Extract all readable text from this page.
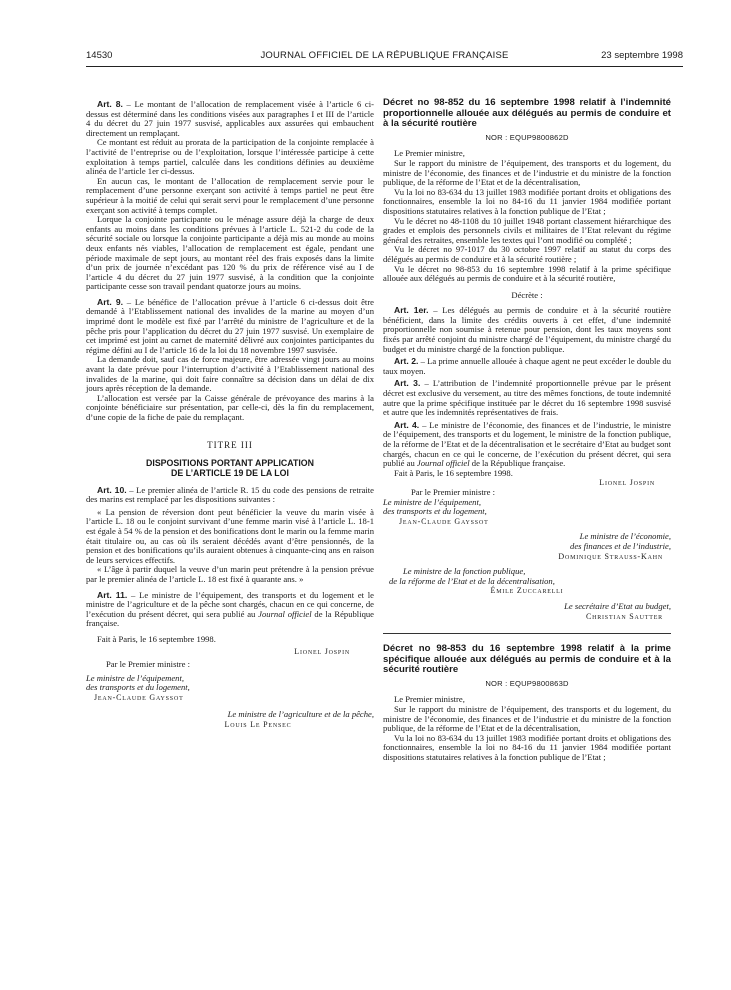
14530	JOURNAL OFFICIEL DE LA RÉPUBLIQUE FRANÇAISE	23 septembre 1998

Art. 8. – Le montant de l’allocation de remplacement visée à l’article 6 ci-dessus est déterminé dans les conditions visées aux paragraphes I et III de l’article 4 du décret du 27 juin 1977 susvisé, applicables aux assurées qui embauchent directement un remplaçant.

Ce montant est réduit au prorata de la participation de la conjointe remplacée à l’activité de l’entreprise ou de l’exploitation, lorsque l’intéressée participe à cette exploitation à temps partiel, calculée dans les conditions définies au deuxième alinéa de l’article 1er ci-dessus.

En aucun cas, le montant de l’allocation de remplacement servie pour le remplacement d’une personne exerçant son activité à temps partiel ne peut être supérieur à la moitié de celui qui serait servi pour le remplacement d’une personne exerçant son activité à temps complet.

Lorque la conjointe participante ou le ménage assure déjà la charge de deux enfants au moins dans les conditions prévues à l’article L. 521-2 du code de la sécurité sociale ou lorsque la conjointe participante a déjà mis au monde au moins deux enfants nés viables, l’allocation de remplacement est égale, pendant une période maximale de sept jours, au montant réel des frais exposés dans la limite d’un prix de journée n’excédant pas 120 % du prix de référence visé au I de l’article 4 du décret du 27 juin 1977 susvisé, à la condition que la conjointe participante cesse son travail pendant quatorze jours au moins.

Art. 9. – Le bénéfice de l’allocation prévue à l’article 6 ci-dessus doit être demandé à l’Etablissement national des invalides de la marine au moyen d’un imprimé dont le modèle est fixé par l’arrêté du ministre de l’agriculture et de la pêche pris pour l’application du décret du 27 juin 1977 susvisé. Un exemplaire de cet imprimé est joint au carnet de maternité délivré aux conjointes participantes du régime défini au I de l’article 16 de la loi du 18 novembre 1997 susvisée.

La demande doit, sauf cas de force majeure, être adressée vingt jours au moins avant la date prévue pour l’interruption d’activité à l’Etablissement national des invalides de la marine, qui doit faire connaître sa décision dans un délai de dix jours après réception de la demande.

L’allocation est versée par la Caisse générale de prévoyance des marins à la conjointe bénéficiaire sur présentation, par celle-ci, dès la fin du remplacement, d’une copie de la fiche de paie du remplaçant.

TITRE III
DISPOSITIONS PORTANT APPLICATION
DE L’ARTICLE 19 DE LA LOI

Art. 10. – Le premier alinéa de l’article R. 15 du code des pensions de retraite des marins est remplacé par les dispositions suivantes :

« La pension de réversion dont peut bénéficier la veuve du marin visée à l’article L. 18 ou le conjoint survivant d’une femme marin visé à l’article L. 18-1 est égale à 54 % de la pension et des bonifications dont le marin ou la femme marin était titulaire ou, au cas où ils seraient décédés avant d’être pensionnés, de la pension et des bonifications qu’ils auraient obtenues à cinquante-cinq ans en raison de leurs services effectifs.

« L’âge à partir duquel la veuve d’un marin peut prétendre à la pension prévue par le premier alinéa de l’article L. 18 est fixé à quarante ans. »

Art. 11. – Le ministre de l’équipement, des transports et du logement et le ministre de l’agriculture et de la pêche sont chargés, chacun en ce qui concerne, de l’exécution du présent décret, qui sera publié au Journal officiel de la République française.

Fait à Paris, le 16 septembre 1998.

Lionel Jospin
Par le Premier ministre :
Le ministre de l’équipement,
des transports et du logement,
Jean-Claude Gayssot
Le ministre de l’agriculture et de la pêche,
Louis Le Pensec
Décret no 98-852 du 16 septembre 1998 relatif à l’indemnité proportionnelle allouée aux délégués au permis de conduire et à la sécurité routière
NOR : EQUP9800862D

Le Premier ministre,

Sur le rapport du ministre de l’équipement, des transports et du logement, du ministre de l’économie, des finances et de l’industrie et du ministre de la fonction publique, de la réforme de l’Etat et de la décentralisation,

Vu la loi no 83-634 du 13 juillet 1983 modifiée portant droits et obligations des fonctionnaires, ensemble la loi no 84-16 du 11 janvier 1984 modifiée portant dispositions statutaires relatives à la fonction publique de l’Etat ;

Vu le décret no 48-1108 du 10 juillet 1948 portant classement hiérarchique des grades et emplois des personnels civils et militaires de l’Etat relevant du régime général des retraites, ensemble les textes qui l’ont modifié ou complété ;

Vu le décret no 97-1017 du 30 octobre 1997 relatif au statut du corps des délégués au permis de conduire et à la sécurité routière ;

Vu le décret no 98-853 du 16 septembre 1998 relatif à la prime spécifique allouée aux délégués au permis de conduire et à la sécurité routière,

Décrète :

Art. 1er. – Les délégués au permis de conduire et à la sécurité routière bénéficient, dans la limite des crédits ouverts à cet effet, d’une indemnité proportionnelle non soumise à retenue pour pension, dont les taux moyens sont fixés par arrêté conjoint du ministre chargé de l’équipement, du ministre chargé du budget et du ministre chargé de la fonction publique.

Art. 2. – La prime annuelle allouée à chaque agent ne peut excéder le double du taux moyen.

Art. 3. – L’attribution de l’indemnité proportionnelle prévue par le présent décret est exclusive du versement, au titre des mêmes fonctions, de toute indemnité autre que la prime spécifique instituée par le décret du 16 septembre 1998 susvisé et autre que les indemnités représentatives de frais.

Art. 4. – Le ministre de l’économie, des finances et de l’industrie, le ministre de l’équipement, des transports et du logement, le ministre de la fonction publique, de la réforme de l’Etat et de la décentralisation et le secrétaire d’Etat au budget sont chargés, chacun en ce qui le concerne, de l’exécution du présent décret, qui sera publié au Journal officiel de la République française.

Fait à Paris, le 16 septembre 1998.

Lionel Jospin
Par le Premier ministre :
Le ministre de l’équipement,
des transports et du logement,
Jean-Claude Gayssot
Le ministre de l’économie,
des finances et de l’industrie,
Dominique Strauss-Kahn
Le ministre de la fonction publique,
de la réforme de l’Etat et de la décentralisation,
Émile Zuccarelli
Le secrétaire d’Etat au budget,
Christian Sautter
Décret no 98-853 du 16 septembre 1998 relatif à la prime spécifique allouée aux délégués au permis de conduire et à la sécurité routière
NOR : EQUP9800863D

Le Premier ministre,

Sur le rapport du ministre de l’équipement, des transports et du logement, du ministre de l’économie, des finances et de l’industrie et du ministre de la fonction publique, de la réforme de l’Etat et de la décentralisation,

Vu la loi no 83-634 du 13 juillet 1983 modifiée portant droits et obligations des fonctionnaires, ensemble la loi no 84-16 du 11 janvier 1984 modifiée portant dispositions statutaires relatives à la fonction publique de l’Etat ;
